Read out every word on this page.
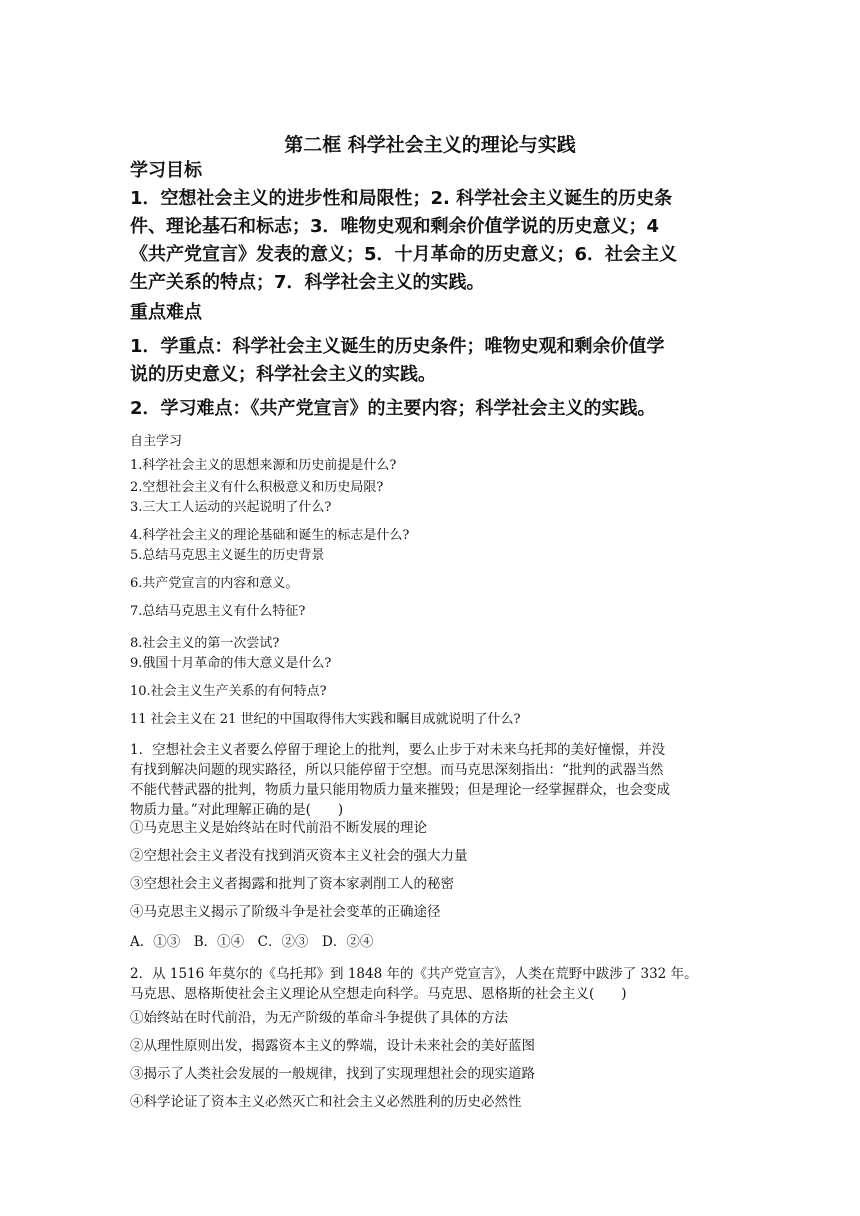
第二框 科学社会主义的理论与实践
学习目标
1．空想社会主义的进步性和局限性；2. 科学社会主义诞生的历史条
件、理论基石和标志；3．唯物史观和剩余价值学说的历史意义；4
《共产党宣言》发表的意义；5．十月革命的历史意义；6．社会主义
生产关系的特点；7．科学社会主义的实践。
重点难点
1．学重点：科学社会主义诞生的历史条件；唯物史观和剩余价值学
说的历史意义；科学社会主义的实践。
2．学习难点：《共产党宣言》的主要内容；科学社会主义的实践。
自主学习
1.科学社会主义的思想来源和历史前提是什么?
2.空想社会主义有什么积极意义和历史局限?
3.三大工人运动的兴起说明了什么?
4.科学社会主义的理论基础和诞生的标志是什么?
5.总结马克思主义诞生的历史背景
6.共产党宣言的内容和意义。
7.总结马克思主义有什么特征?
8.社会主义的第一次尝试?
9.俄国十月革命的伟大意义是什么?
10.社会主义生产关系的有何特点?
11 社会主义在 21 世纪的中国取得伟大实践和瞩目成就说明了什么?
1．空想社会主义者要么停留于理论上的批判，要么止步于对未来乌托邦的美好憧憬，并没
有找到解决问题的现实路径，所以只能停留于空想。而马克思深刻指出：“批判的武器当然
不能代替武器的批判，物质力量只能用物质力量来摧毁；但是理论一经掌握群众，也会变成
物质力量。”对此理解正确的是(　　)
①马克思主义是始终站在时代前沿不断发展的理论
②空想社会主义者没有找到消灭资本主义社会的强大力量
③空想社会主义者揭露和批判了资本家剥削工人的秘密
④马克思主义揭示了阶级斗争是社会变革的正确途径
A．①③　B．①④　C．②③　D．②④
2．从 1516 年莫尔的《乌托邦》到 1848 年的《共产党宣言》，人类在荒野中跋涉了 332 年。
马克思、恩格斯使社会主义理论从空想走向科学。马克思、恩格斯的社会主义(　　)
①始终站在时代前沿，为无产阶级的革命斗争提供了具体的方法
②从理性原则出发，揭露资本主义的弊端，设计未来社会的美好蓝图
③揭示了人类社会发展的一般规律，找到了实现理想社会的现实道路
④科学论证了资本主义必然灭亡和社会主义必然胜利的历史必然性
